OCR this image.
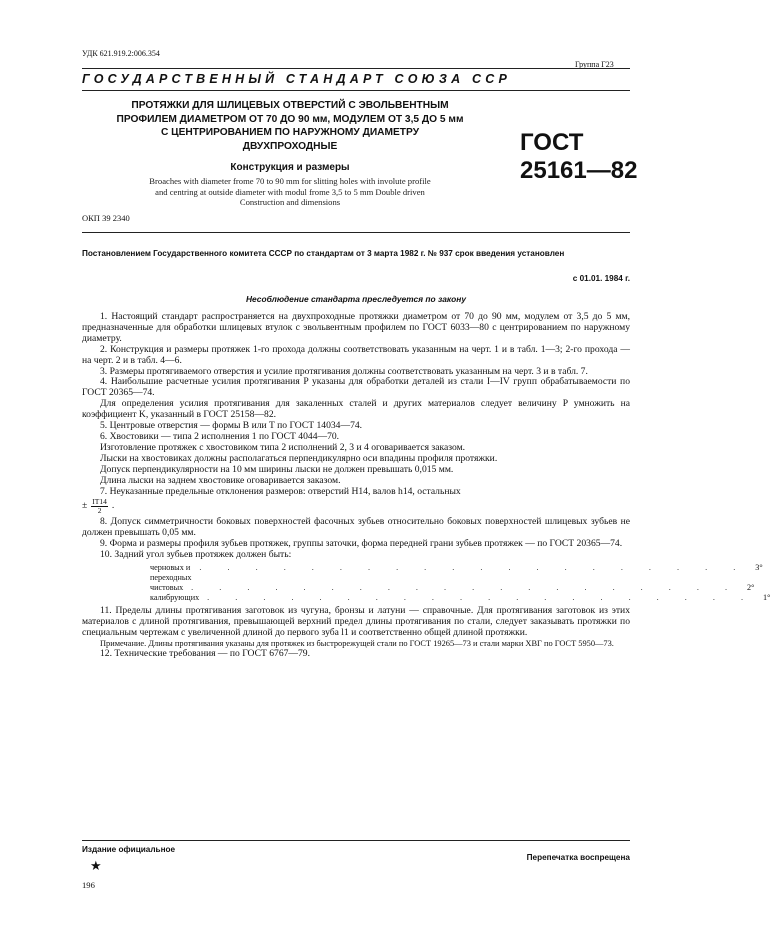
УДК 621.919.2:006.354
Группа Г23
ГОСУДАРСТВЕННЫЙ СТАНДАРТ СОЮЗА ССР
ПРОТЯЖКИ ДЛЯ ШЛИЦЕВЫХ ОТВЕРСТИЙ С ЭВОЛЬВЕНТНЫМ
ПРОФИЛЕМ ДИАМЕТРОМ ОТ 70 ДО 90 мм, МОДУЛЕМ ОТ 3,5 ДО 5 мм
С ЦЕНТРИРОВАНИЕМ ПО НАРУЖНОМУ ДИАМЕТРУ
ДВУХПРОХОДНЫЕ
Конструкция и размеры
Broaches with diameter frome 70 to 90 mm for slitting holes with involute profile
and centring at outside diameter with modul frome 3,5 to 5 mm Double driven
Construction and dimensions
ОКП 39 2340
ГОСТ
25161—82
Постановлением Государственного комитета СССР по стандартам от 3 марта 1982 г. № 937 срок введения установлен
с 01.01. 1984 г.
Несоблюдение стандарта преследуется по закону

1. Настоящий стандарт распространяется на двухпроходные протяжки диаметром от 70 до 90 мм, модулем от 3,5 до 5 мм, предназначенные для обработки шлицевых втулок с эвольвентным профилем по ГОСТ 6033—80 с центрированием по наружному диаметру.

2. Конструкция и размеры протяжек 1-го прохода должны соответствовать указанным на черт. 1 и в табл. 1—3; 2-го прохода — на черт. 2 и в табл. 4—6.

3. Размеры протягиваемого отверстия и усилие протягивания должны соответствовать указанным на черт. 3 и в табл. 7.

4. Наибольшие расчетные усилия протягивания P указаны для обработки деталей из стали I—IV групп обрабатываемости по ГОСТ 20365—74.

Для определения усилия протягивания для закаленных сталей и других материалов следует величину P умножить на коэффициент K, указанный в ГОСТ 25158—82.

5. Центровые отверстия — формы B или T по ГОСТ 14034—74.

6. Хвостовики — типа 2 исполнения 1 по ГОСТ 4044—70.

Изготовление протяжек с хвостовиком типа 2 исполнений 2, 3 и 4 оговаривается заказом.

Лыски на хвостовиках должны располагаться перпендикулярно оси впадины профиля протяжки.

Допуск перпендикулярности на 10 мм ширины лыски не должен превышать 0,015 мм.

Длина лыски на заднем хвостовике оговаривается заказом.

7. Неуказанные предельные отклонения размеров: отверстий H14, валов h14, остальных

± $\frac{IT14}{2}$ .

8. Допуск симметричности боковых поверхностей фасочных зубьев относительно боковых поверхностей шлицевых зубьев не должен превышать 0,05 мм.

9. Форма и размеры профиля зубьев протяжек, группы заточки, форма передней грани зубьев протяжек — по ГОСТ 20365—74.

10. Задний угол зубьев протяжек должен быть:

черновых и переходных
. . . . . . . . . . . . . . . . . . . . 3°
чистовых . . . . . . . . . . . . . . . . . . . . 2°
калибрующих . . . . . . . . . . . . . . . . . . . . 1°

11. Пределы длины протягивания заготовок из чугуна, бронзы и латуни — справочные. Для протягивания заготовок из этих материалов с длиной протягивания, превышающей верхний предел длины протягивания по стали, следует заказывать протяжки по специальным чертежам с увеличенной длиной до первого зуба l1 и соответственно общей длиной протяжки.

Примечание. Длины протягивания указаны для протяжек из быстрорежущей стали по ГОСТ 19265—73 и стали марки ХВГ по ГОСТ 5950—73.

12. Технические требования — по ГОСТ 6767—79.

Издание официальное
★
Перепечатка воспрещена
196
